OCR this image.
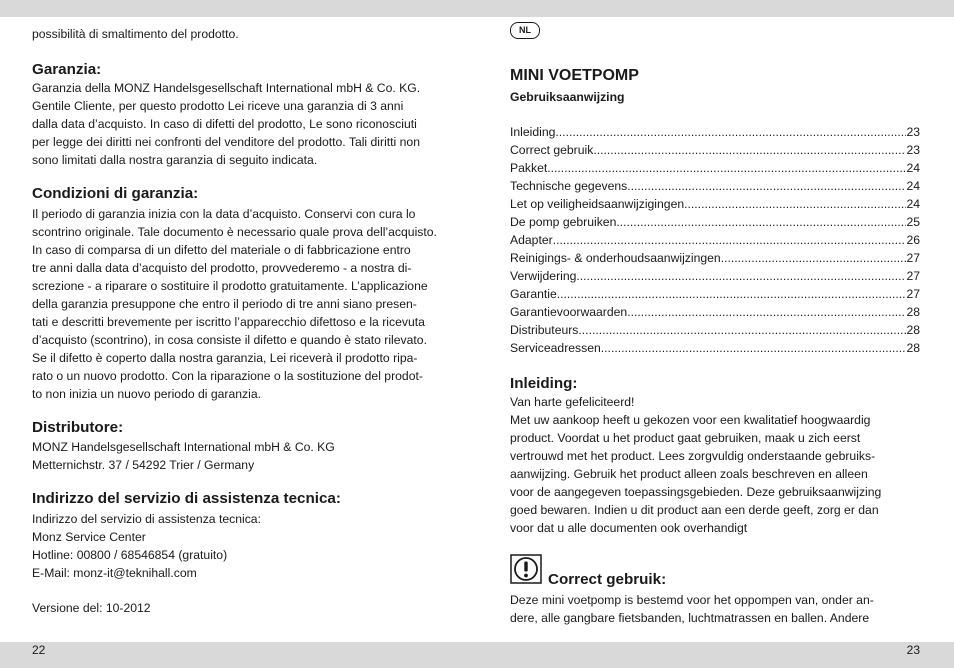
possibilità di smaltimento del prodotto.

Garanzia:

Garanzia della MONZ Handelsgesellschaft International mbH & Co. KG.

Gentile Cliente, per questo prodotto Lei riceve una garanzia di 3 anni

dalla data d’acquisto. In caso di difetti del prodotto, Le sono riconosciuti

per legge dei diritti nei confronti del venditore del prodotto. Tali diritti non

sono limitati dalla nostra garanzia di seguito indicata.

Condizioni di garanzia:

Il periodo di garanzia inizia con la data d’acquisto. Conservi con cura lo

scontrino originale. Tale documento è necessario quale prova dell’acquisto.

In caso di comparsa di un difetto del materiale o di fabbricazione entro

tre anni dalla data d’acquisto del prodotto, provvederemo - a nostra di-

screzione - a riparare o sostituire il prodotto gratuitamente. L’applicazione

della garanzia presuppone che entro il periodo di tre anni siano presen-

tati e descritti brevemente per iscritto l’apparecchio difettoso e la ricevuta

d’acquisto (scontrino), in cosa consiste il difetto e quando è stato rilevato.

Se il difetto è coperto dalla nostra garanzia, Lei riceverà il prodotto ripa-

rato o un nuovo prodotto. Con la riparazione o la sostituzione del prodot-

to non inizia un nuovo periodo di garanzia.

Distributore:

MONZ Handelsgesellschaft International mbH & Co. KG

Metternichstr. 37 / 54292 Trier / Germany

Indirizzo del servizio di assistenza tecnica:

Indirizzo del servizio di assistenza tecnica:

Monz Service Center

Hotline: 00800 / 68546854 (gratuito)

E-Mail: monz-it@teknihall.com

Versione del: 10-2012

22
NL
MINI VOETPOMP
Gebruiksaanwijzing
Inleiding .....	23
Correct gebruik .....	23
Pakket .....	24
Technische gegevens .....	24
Let op veiligheidsaanwijzigingen .....	24
De pomp gebruiken .....	25
Adapter .....	26
Reinigings- & onderhoudsaanwijzingen .....	27
Verwijdering .....	27
Garantie .....	27
Garantievoorwaarden .....	28
Distributeurs .....	28
Serviceadressen .....	28
Inleiding:

Van harte gefeliciteerd!

Met uw aankoop heeft u gekozen voor een kwalitatief hoogwaardig

product. Voordat u het product gaat gebruiken, maak u zich eerst

vertrouwd met het product. Lees zorgvuldig onderstaande gebruiks-

aanwijzing. Gebruik het product alleen zoals beschreven en alleen

voor de aangegeven toepassingsgebieden. Deze gebruiksaanwijzing

goed bewaren. Indien u dit product aan een derde geeft, zorg er dan

voor dat u alle documenten ook overhandigt

Correct gebruik:

Deze mini voetpomp is bestemd voor het oppompen van, onder an-

dere, alle gangbare fietsbanden, luchtmatrassen en ballen. Andere

23
